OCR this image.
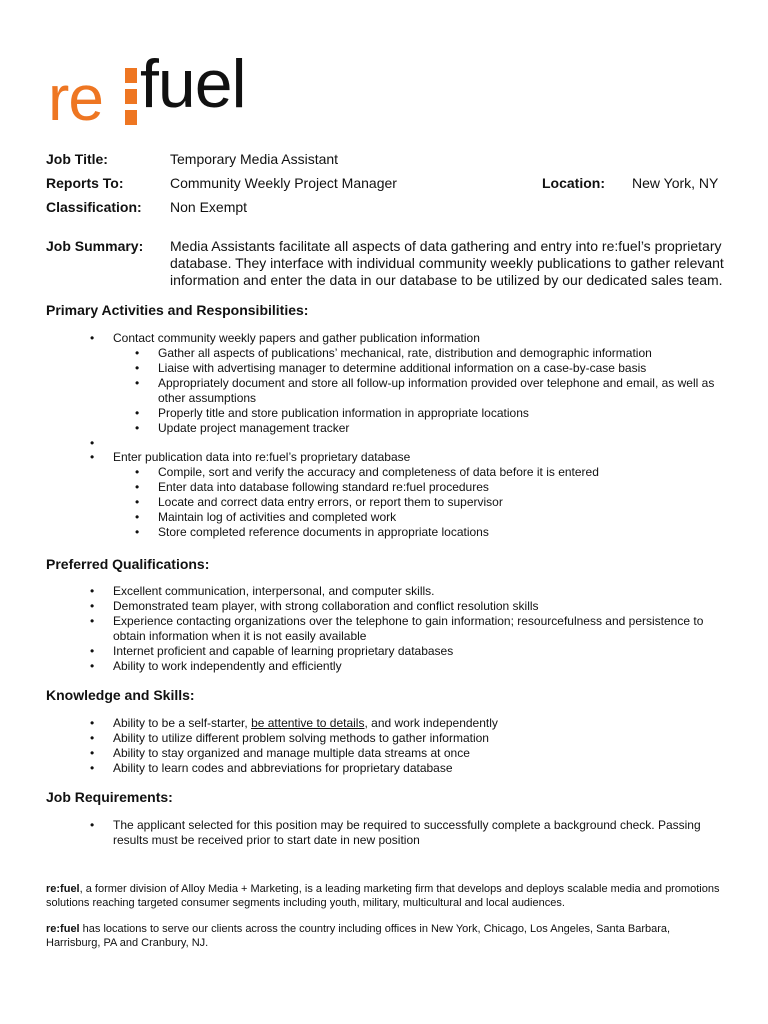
re fuel
Job Title:	Temporary Media Assistant
Reports To:	Community Weekly Project Manager	Location: New York, NY
Classification: Non Exempt
Job Summary: Media Assistants facilitate all aspects of data gathering and entry into re:fuel’s proprietary database. They interface with individual community weekly publications to gather relevant information and enter the data in our database to be utilized by our dedicated sales team.
Primary Activities and Responsibilities:
• Contact community weekly papers and gather publication information
• Gather all aspects of publications’ mechanical, rate, distribution and demographic information
• Liaise with advertising manager to determine additional information on a case-by-case basis
• Appropriately document and store all follow-up information provided over telephone and email, as well as other assumptions
• Properly title and store publication information in appropriate locations
• Update project management tracker
•
• Enter publication data into re:fuel’s proprietary database
• Compile, sort and verify the accuracy and completeness of data before it is entered
• Enter data into database following standard re:fuel procedures
• Locate and correct data entry errors, or report them to supervisor
• Maintain log of activities and completed work
• Store completed reference documents in appropriate locations
Preferred Qualifications:
• Excellent communication, interpersonal, and computer skills.
• Demonstrated team player, with strong collaboration and conflict resolution skills
• Experience contacting organizations over the telephone to gain information; resourcefulness and persistence to obtain information when it is not easily available
• Internet proficient and capable of learning proprietary databases
• Ability to work independently and efficiently
Knowledge and Skills:
• Ability to be a self-starter, be attentive to details, and work independently
• Ability to utilize different problem solving methods to gather information
• Ability to stay organized and manage multiple data streams at once
• Ability to learn codes and abbreviations for proprietary database
Job Requirements:
• The applicant selected for this position may be required to successfully complete a background check. Passing results must be received prior to start date in new position
re:fuel, a former division of Alloy Media + Marketing, is a leading marketing firm that develops and deploys scalable media and promotions solutions reaching targeted consumer segments including youth, military, multicultural and local audiences.
re:fuel has locations to serve our clients across the country including offices in New York, Chicago, Los Angeles, Santa Barbara, Harrisburg, PA and Cranbury, NJ.
